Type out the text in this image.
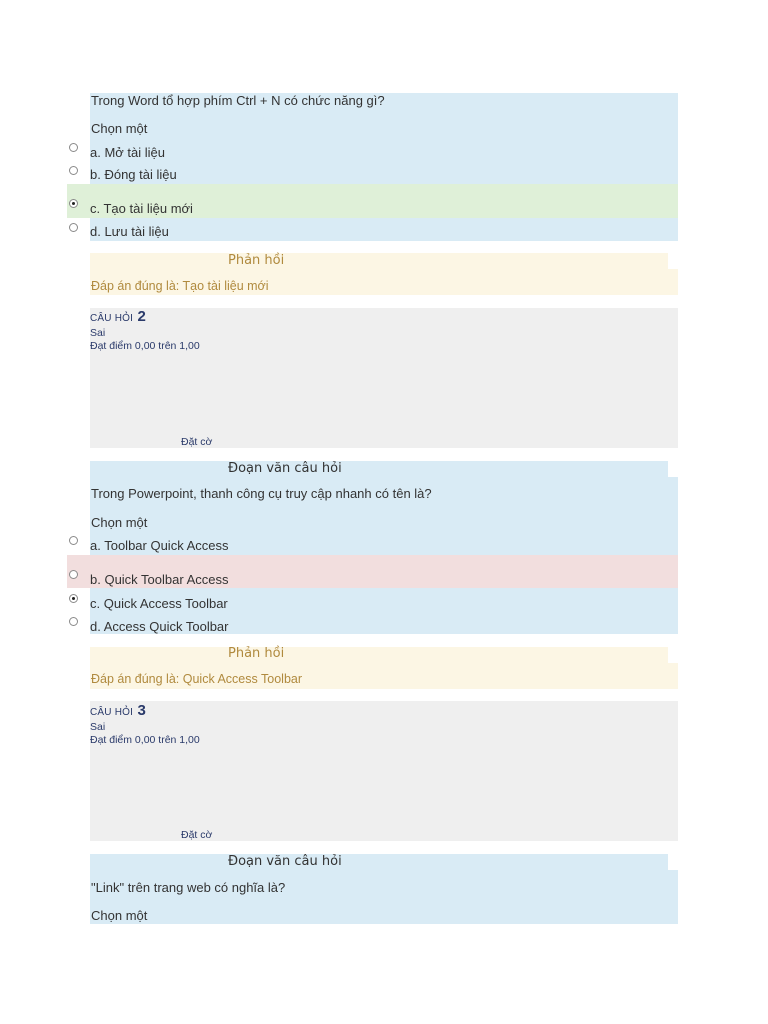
Trong Word tổ hợp phím Ctrl + N có chức năng gì?
Chọn một
a. Mở tài liệu
b. Đóng tài liệu
c. Tạo tài liệu mới
d. Lưu tài liệu
Phản hồi
Đáp án đúng là: Tạo tài liệu mới
CÂU HỎI 2
Sai
Đạt điểm 0,00 trên 1,00
Đặt cờ
Đoạn văn câu hỏi
Trong Powerpoint, thanh công cụ truy cập nhanh có tên là?
Chọn một
a. Toolbar Quick Access
b. Quick Toolbar Access
c. Quick Access Toolbar
d. Access Quick Toolbar
Phản hồi
Đáp án đúng là: Quick Access Toolbar
CÂU HỎI 3
Sai
Đạt điểm 0,00 trên 1,00
Đặt cờ
Đoạn văn câu hỏi
"Link" trên trang web có nghĩa là?
Chọn một
